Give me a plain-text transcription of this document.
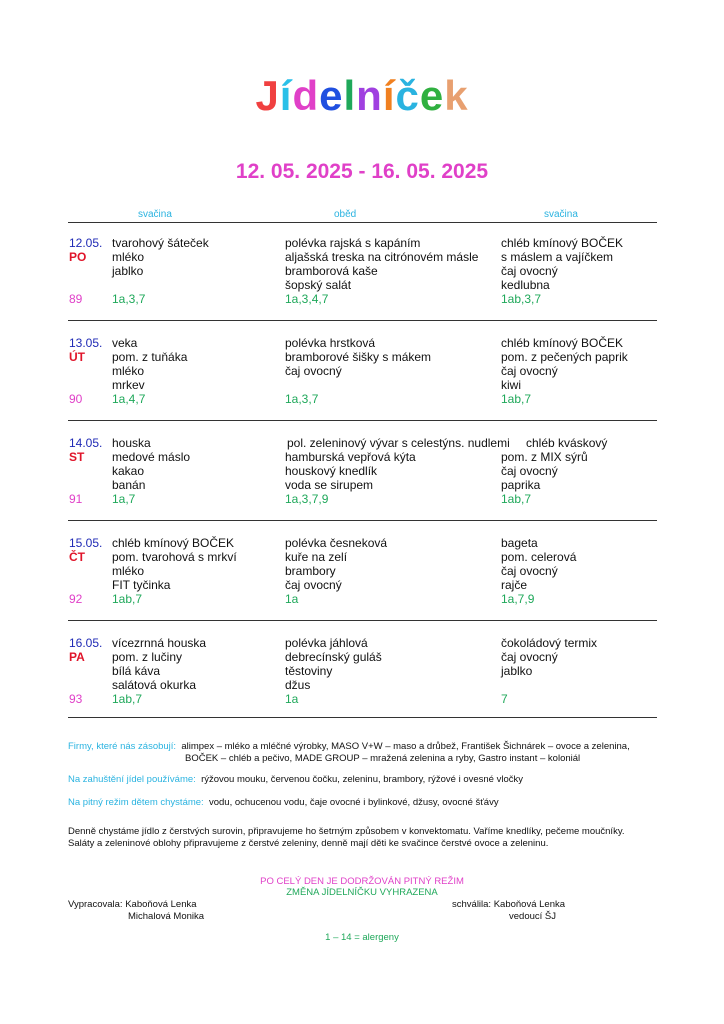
Jídelníček
12. 05. 2025 - 16. 05. 2025
svačina	oběd	svačina
12.05.
PO
89
tvarohový šáteček
mléko
jablko
1a,3,7
polévka rajská s kapáním
aljašská treska na citrónovém másle
bramborová kaše
šopský salát
1a,3,4,7
chléb kmínový BOČEK
s máslem a vajíčkem
čaj ovocný
kedlubna
1ab,3,7
13.05.
ÚT
90
veka
pom. z tuňáka
mléko
mrkev
1a,4,7
polévka hrstková
bramborové šišky s mákem
čaj ovocný
1a,3,7
chléb kmínový BOČEK
pom. z pečených paprik
čaj ovocný
kiwi
1ab,7
14.05.
ST
91
houska
medové máslo
kakao
banán
1a,7
pol. zeleninový vývar s celestýns. nudlemi
hamburská vepřová kýta
houskový knedlík
voda se sirupem
1a,3,7,9
chléb kváskový
pom. z MIX sýrů
čaj ovocný
paprika
1ab,7
15.05.
ČT
92
chléb kmínový BOČEK
pom. tvarohová s mrkví
mléko
FIT tyčinka
1ab,7
polévka česneková
kuře na zelí
brambory
čaj ovocný
1a
bageta
pom. celerová
čaj ovocný
rajče
1a,7,9
16.05.
PA
93
vícezrnná houska
pom. z lučiny
bílá káva
salátová okurka
1ab,7
polévka jáhlová
debrecínský guláš
těstoviny
džus
1a
čokoládový termix
čaj ovocný
jablko
7
Firmy, které nás zásobují: alimpex – mléko a mléčné výrobky, MASO V+W – maso a drůbež, František Šichnárek – ovoce a zelenina,
BOČEK – chléb a pečivo, MADE GROUP – mražená zelenina a ryby, Gastro instant – koloniál
Na zahuštění jídel používáme: rýžovou mouku, červenou čočku, zeleninu, brambory, rýžové i ovesné vločky
Na pitný režim dětem chystáme: vodu, ochucenou vodu, čaje ovocné i bylinkové, džusy, ovocné šťávy
Denně chystáme jídlo z čerstvých surovin, připravujeme ho šetrným způsobem v konvektomatu. Vaříme knedlíky, pečeme moučníky.
Saláty a zeleninové oblohy připravujeme z čerstvé zeleniny, denně mají děti ke svačince čerstvé ovoce a zeleninu.
PO CELÝ DEN JE DODRŽOVÁN PITNÝ REŽIM
ZMĚNA JÍDELNÍČKU VYHRAZENA
Vypracovala: Kaboňová Lenka
Michalová Monika
schválila: Kaboňová Lenka
vedoucí ŠJ
1 – 14 = alergeny
